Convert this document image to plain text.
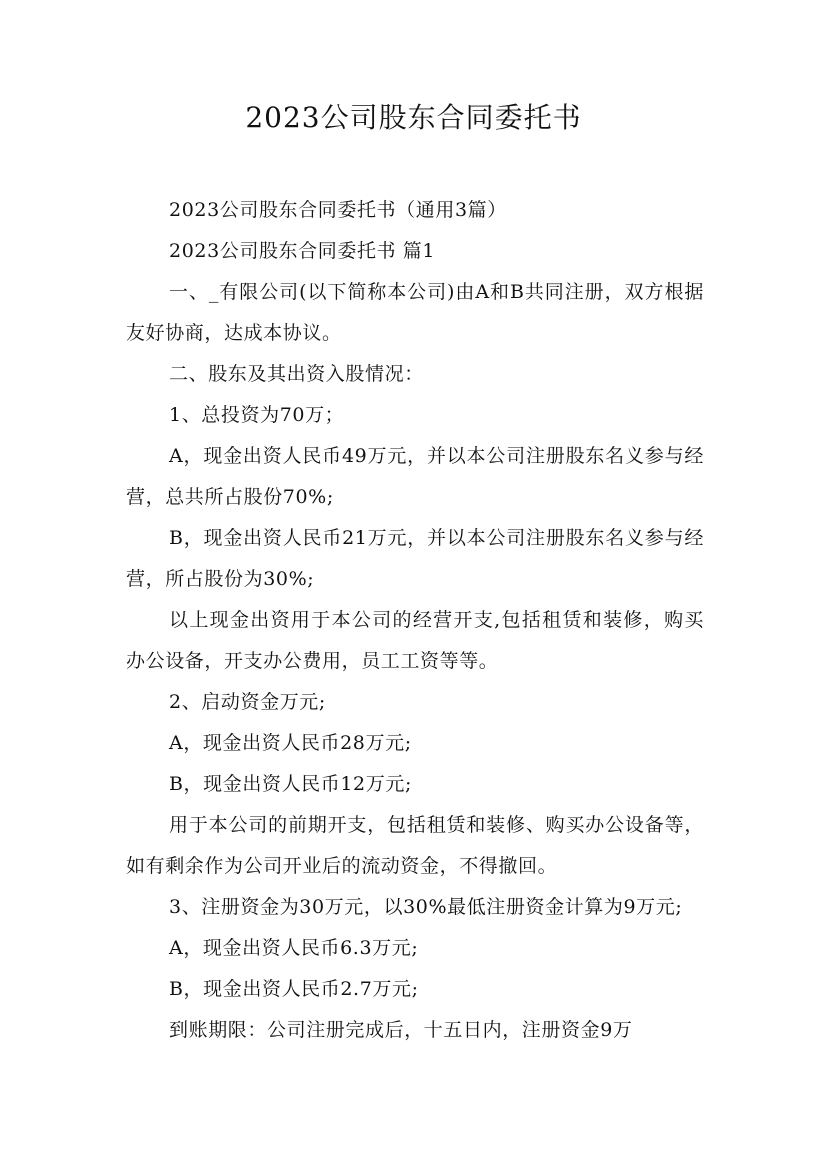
2023公司股东合同委托书

2023公司股东合同委托书（通用3篇）

2023公司股东合同委托书 篇1

一、_有限公司(以下简称本公司)由A和B共同注册，双方根据友好协商，达成本协议。

二、股东及其出资入股情况：

1、总投资为70万；

A，现金出资人民币49万元，并以本公司注册股东名义参与经营，总共所占股份70%;

B，现金出资人民币21万元，并以本公司注册股东名义参与经营，所占股份为30%;

以上现金出资用于本公司的经营开支,包括租赁和装修，购买办公设备，开支办公费用，员工工资等等。

2、启动资金万元;

A，现金出资人民币28万元;

B，现金出资人民币12万元;

用于本公司的前期开支，包括租赁和装修、购买办公设备等，如有剩余作为公司开业后的流动资金，不得撤回。

3、注册资金为30万元，以30%最低注册资金计算为9万元;

A，现金出资人民币6.3万元;

B，现金出资人民币2.7万元;

到账期限：公司注册完成后，十五日内，注册资金9万
